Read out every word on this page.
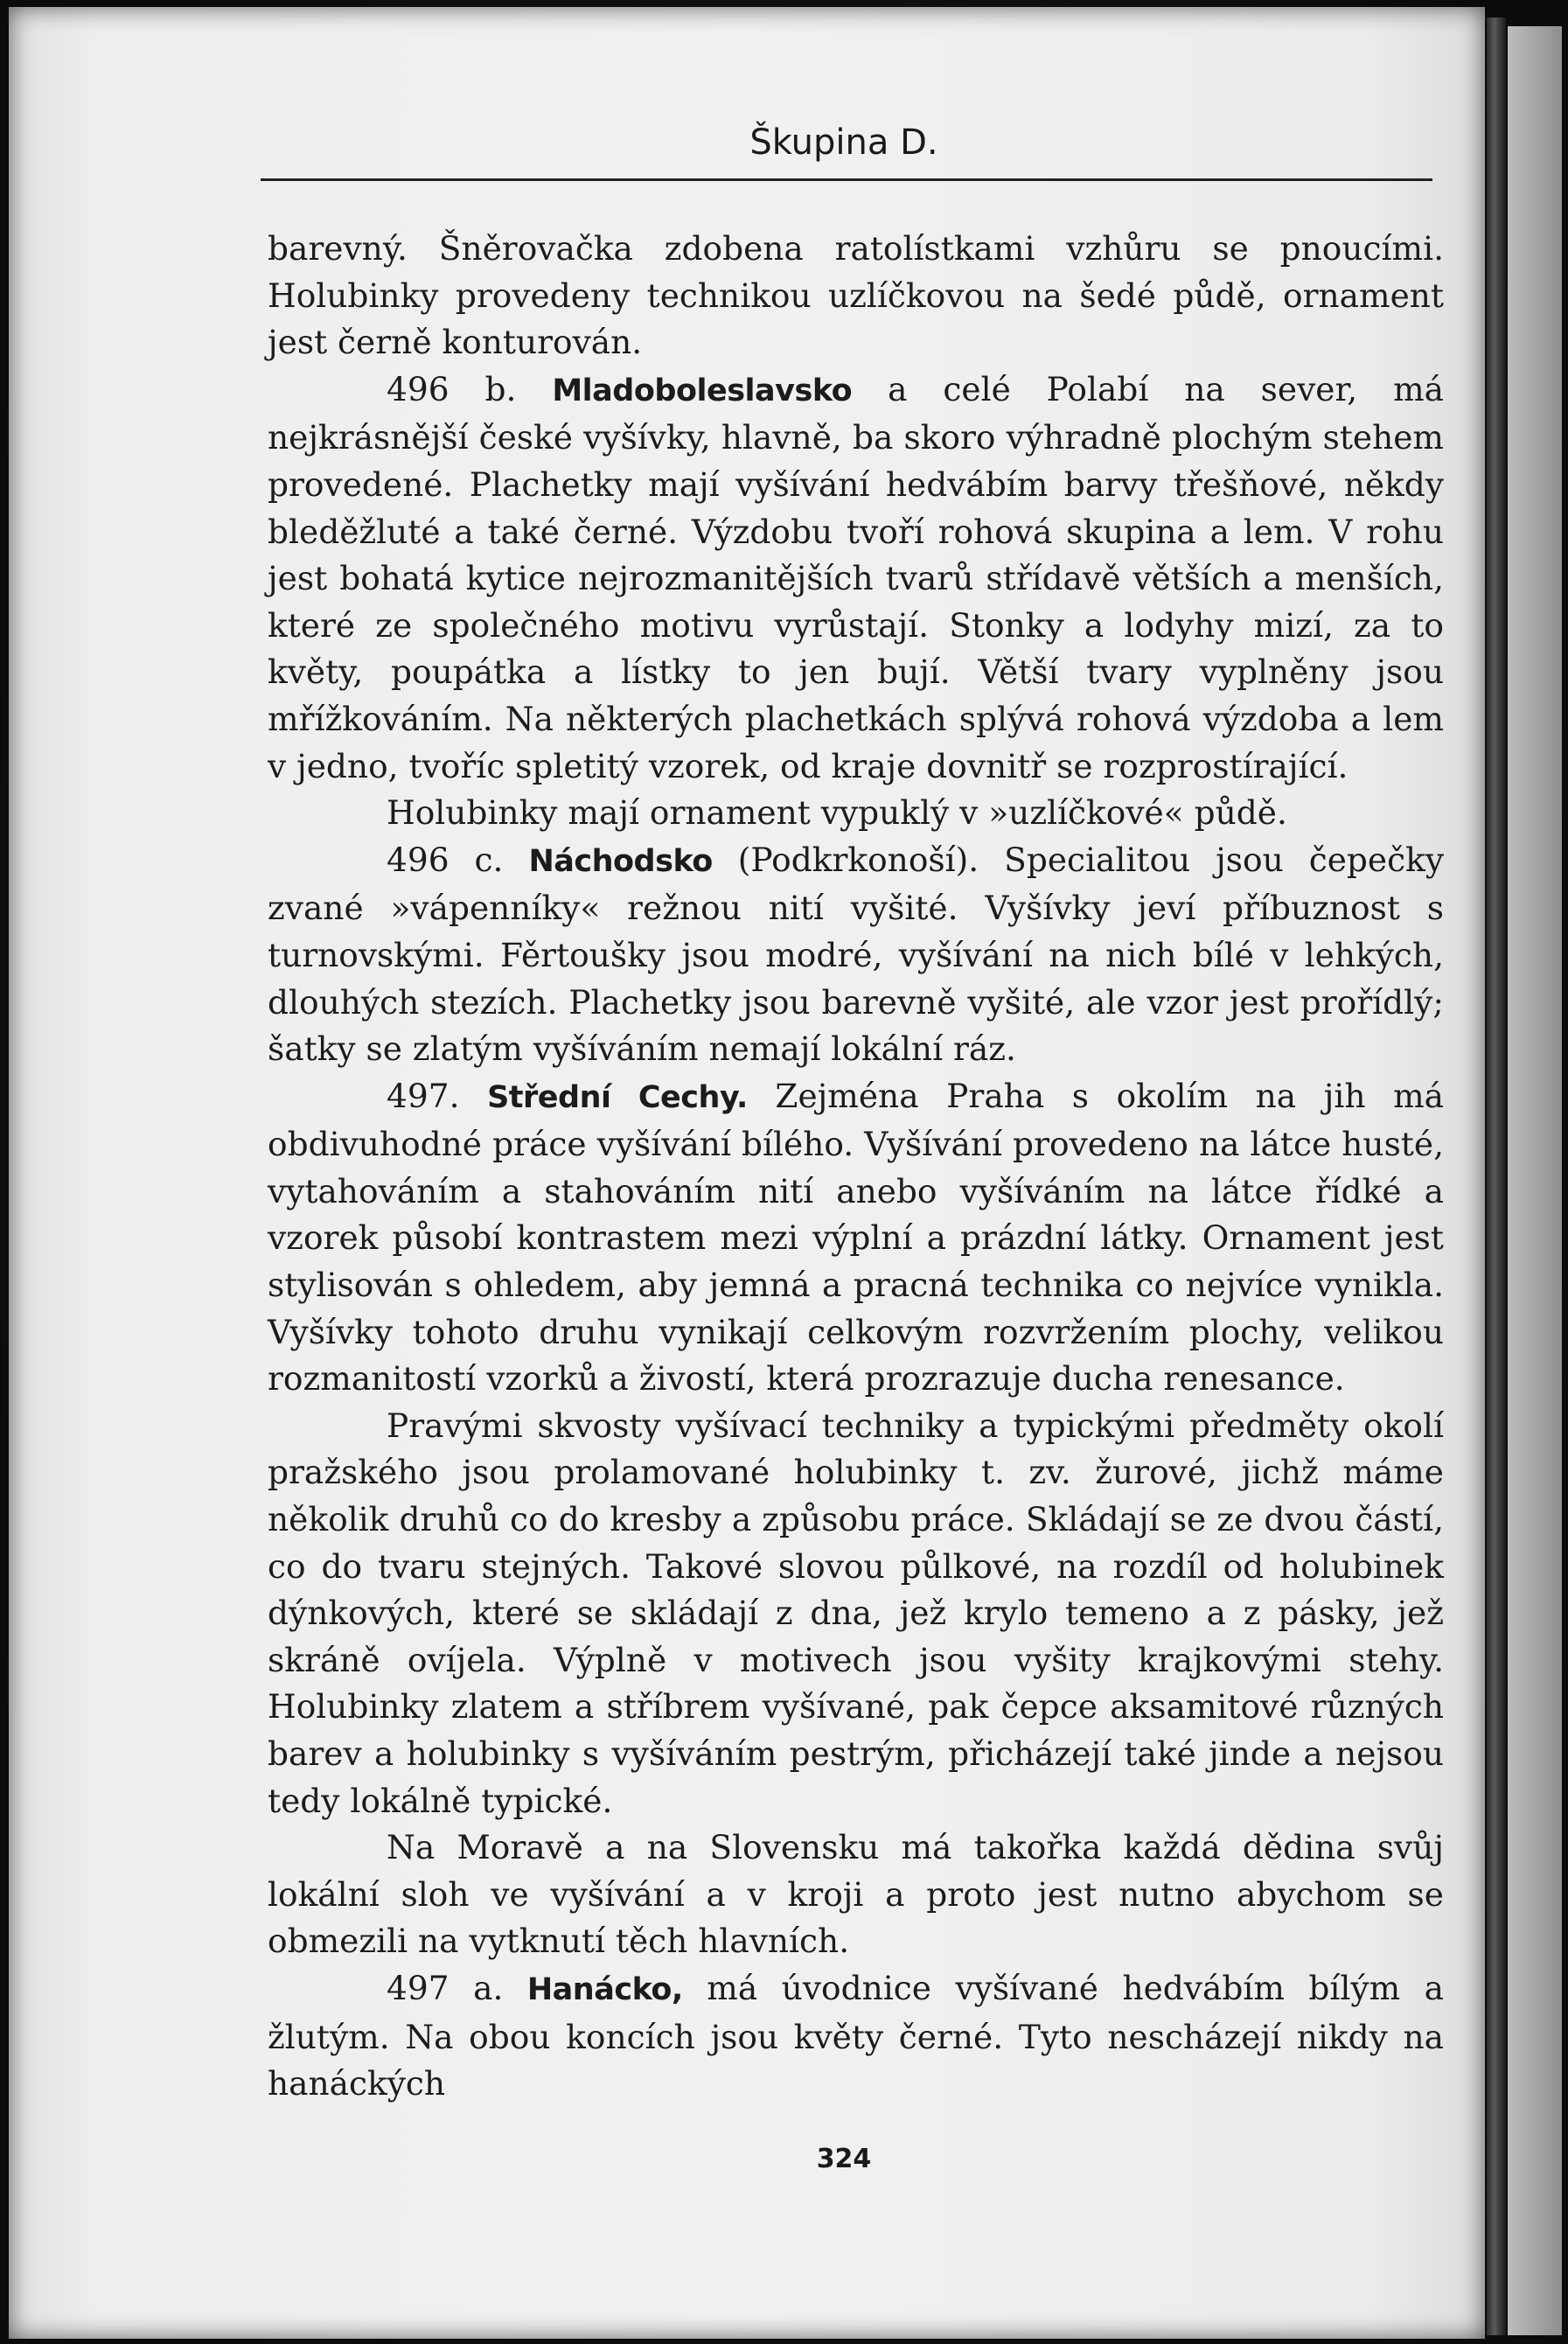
Škupina D.

barevný. Šněrovačka zdobena ratolístkami vzhůru se pnoucími. Holubinky provedeny technikou uzlíčkovou na šedé půdě, ornament jest černě konturován.

496 b. Mladoboleslavsko a celé Polabí na sever, má nejkrásnější české vyšívky, hlavně, ba skoro výhradně plochým stehem provedené. Plachetky mají vyšívání hedvábím barvy třešňové, někdy bleděžluté a také černé. Výzdobu tvoří rohová skupina a lem. V rohu jest bohatá kytice nejrozmanitějších tvarů střídavě větších a menších, které ze společného motivu vyrůstají. Stonky a lodyhy mizí, za to květy, poupátka a lístky to jen bují. Větší tvary vyplněny jsou mřížkováním. Na některých plachetkách splývá rohová výzdoba a lem v jedno, tvoříc spletitý vzorek, od kraje dovnitř se rozprostírající.

Holubinky mají ornament vypuklý v »uzlíčkové« půdě.

496 c. Náchodsko (Podkrkonoší). Specialitou jsou čepečky zvané »vápenníky« režnou nití vyšité. Vyšívky jeví příbuznost s turnovskými. Fěrtoušky jsou modré, vyšívání na nich bílé v lehkých, dlouhých stezích. Plachetky jsou barevně vyšité, ale vzor jest prořídlý; šatky se zlatým vyšíváním nemají lokální ráz.

497. Střední Cechy. Zejména Praha s okolím na jih má obdivuhodné práce vyšívání bílého. Vyšívání provedeno na látce husté, vytahováním a stahováním nití anebo vyšíváním na látce řídké a vzorek působí kontrastem mezi výplní a prázdní látky. Ornament jest stylisován s ohledem, aby jemná a pracná technika co nejvíce vynikla. Vyšívky tohoto druhu vynikají celkovým rozvržením plochy, velikou rozmanitostí vzorků a živostí, která prozrazuje ducha renesance.

Pravými skvosty vyšívací techniky a typickými předměty okolí pražského jsou prolamované holubinky t. zv. žurové, jichž máme několik druhů co do kresby a způsobu práce. Skládají se ze dvou částí, co do tvaru stejných. Takové slovou půlkové, na rozdíl od holubinek dýnkových, které se skládají z dna, jež krylo temeno a z pásky, jež skráně ovíjela. Výplně v motivech jsou vyšity krajkovými stehy. Holubinky zlatem a stříbrem vyšívané, pak čepce aksamitové různých barev a holubinky s vyšíváním pestrým, přicházejí také jinde a nejsou tedy lokálně typické.

Na Moravě a na Slovensku má takořka každá dědina svůj lokální sloh ve vyšívání a v kroji a proto jest nutno abychom se obmezili na vytknutí těch hlavních.

497 a. Hanácko, má úvodnice vyšívané hedvábím bílým a žlutým. Na obou koncích jsou květy černé. Tyto nescházejí nikdy na hanáckých

324
